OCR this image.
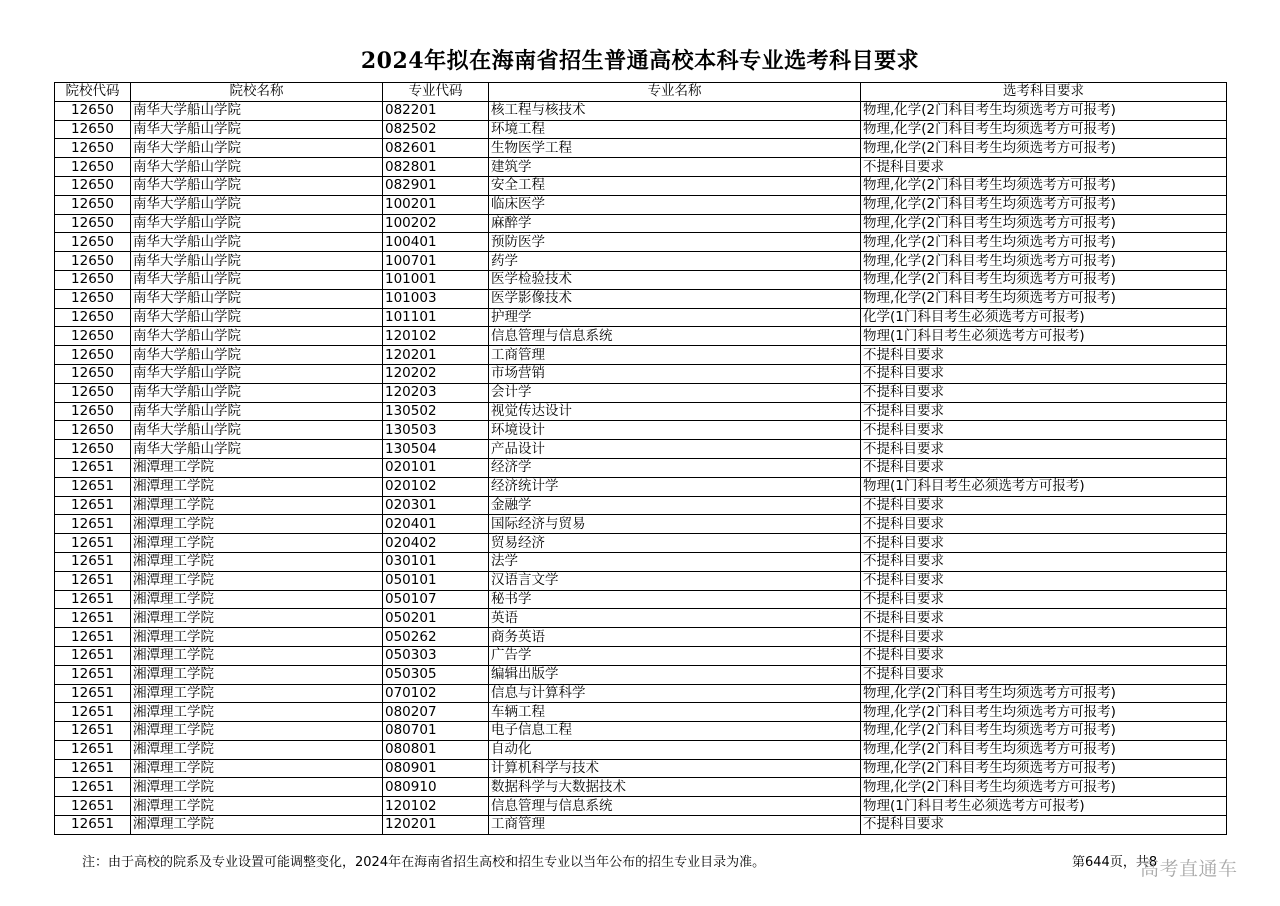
2024年拟在海南省招生普通高校本科专业选考科目要求
院校代码	院校名称	专业代码	专业名称	选考科目要求
12650	南华大学船山学院	082201	核工程与核技术	物理,化学(2门科目考生均须选考方可报考)
12650	南华大学船山学院	082502	环境工程	物理,化学(2门科目考生均须选考方可报考)
12650	南华大学船山学院	082601	生物医学工程	物理,化学(2门科目考生均须选考方可报考)
12650	南华大学船山学院	082801	建筑学	不提科目要求
12650	南华大学船山学院	082901	安全工程	物理,化学(2门科目考生均须选考方可报考)
12650	南华大学船山学院	100201	临床医学	物理,化学(2门科目考生均须选考方可报考)
12650	南华大学船山学院	100202	麻醉学	物理,化学(2门科目考生均须选考方可报考)
12650	南华大学船山学院	100401	预防医学	物理,化学(2门科目考生均须选考方可报考)
12650	南华大学船山学院	100701	药学	物理,化学(2门科目考生均须选考方可报考)
12650	南华大学船山学院	101001	医学检验技术	物理,化学(2门科目考生均须选考方可报考)
12650	南华大学船山学院	101003	医学影像技术	物理,化学(2门科目考生均须选考方可报考)
12650	南华大学船山学院	101101	护理学	化学(1门科目考生必须选考方可报考)
12650	南华大学船山学院	120102	信息管理与信息系统	物理(1门科目考生必须选考方可报考)
12650	南华大学船山学院	120201	工商管理	不提科目要求
12650	南华大学船山学院	120202	市场营销	不提科目要求
12650	南华大学船山学院	120203	会计学	不提科目要求
12650	南华大学船山学院	130502	视觉传达设计	不提科目要求
12650	南华大学船山学院	130503	环境设计	不提科目要求
12650	南华大学船山学院	130504	产品设计	不提科目要求
12651	湘潭理工学院	020101	经济学	不提科目要求
12651	湘潭理工学院	020102	经济统计学	物理(1门科目考生必须选考方可报考)
12651	湘潭理工学院	020301	金融学	不提科目要求
12651	湘潭理工学院	020401	国际经济与贸易	不提科目要求
12651	湘潭理工学院	020402	贸易经济	不提科目要求
12651	湘潭理工学院	030101	法学	不提科目要求
12651	湘潭理工学院	050101	汉语言文学	不提科目要求
12651	湘潭理工学院	050107	秘书学	不提科目要求
12651	湘潭理工学院	050201	英语	不提科目要求
12651	湘潭理工学院	050262	商务英语	不提科目要求
12651	湘潭理工学院	050303	广告学	不提科目要求
12651	湘潭理工学院	050305	编辑出版学	不提科目要求
12651	湘潭理工学院	070102	信息与计算科学	物理,化学(2门科目考生均须选考方可报考)
12651	湘潭理工学院	080207	车辆工程	物理,化学(2门科目考生均须选考方可报考)
12651	湘潭理工学院	080701	电子信息工程	物理,化学(2门科目考生均须选考方可报考)
12651	湘潭理工学院	080801	自动化	物理,化学(2门科目考生均须选考方可报考)
12651	湘潭理工学院	080901	计算机科学与技术	物理,化学(2门科目考生均须选考方可报考)
12651	湘潭理工学院	080910	数据科学与大数据技术	物理,化学(2门科目考生均须选考方可报考)
12651	湘潭理工学院	120102	信息管理与信息系统	物理(1门科目考生必须选考方可报考)
12651	湘潭理工学院	120201	工商管理	不提科目要求
注：由于高校的院系及专业设置可能调整变化，2024年在海南省招生高校和招生专业以当年公布的招生专业目录为准。	第644页，共8
高考直通车
